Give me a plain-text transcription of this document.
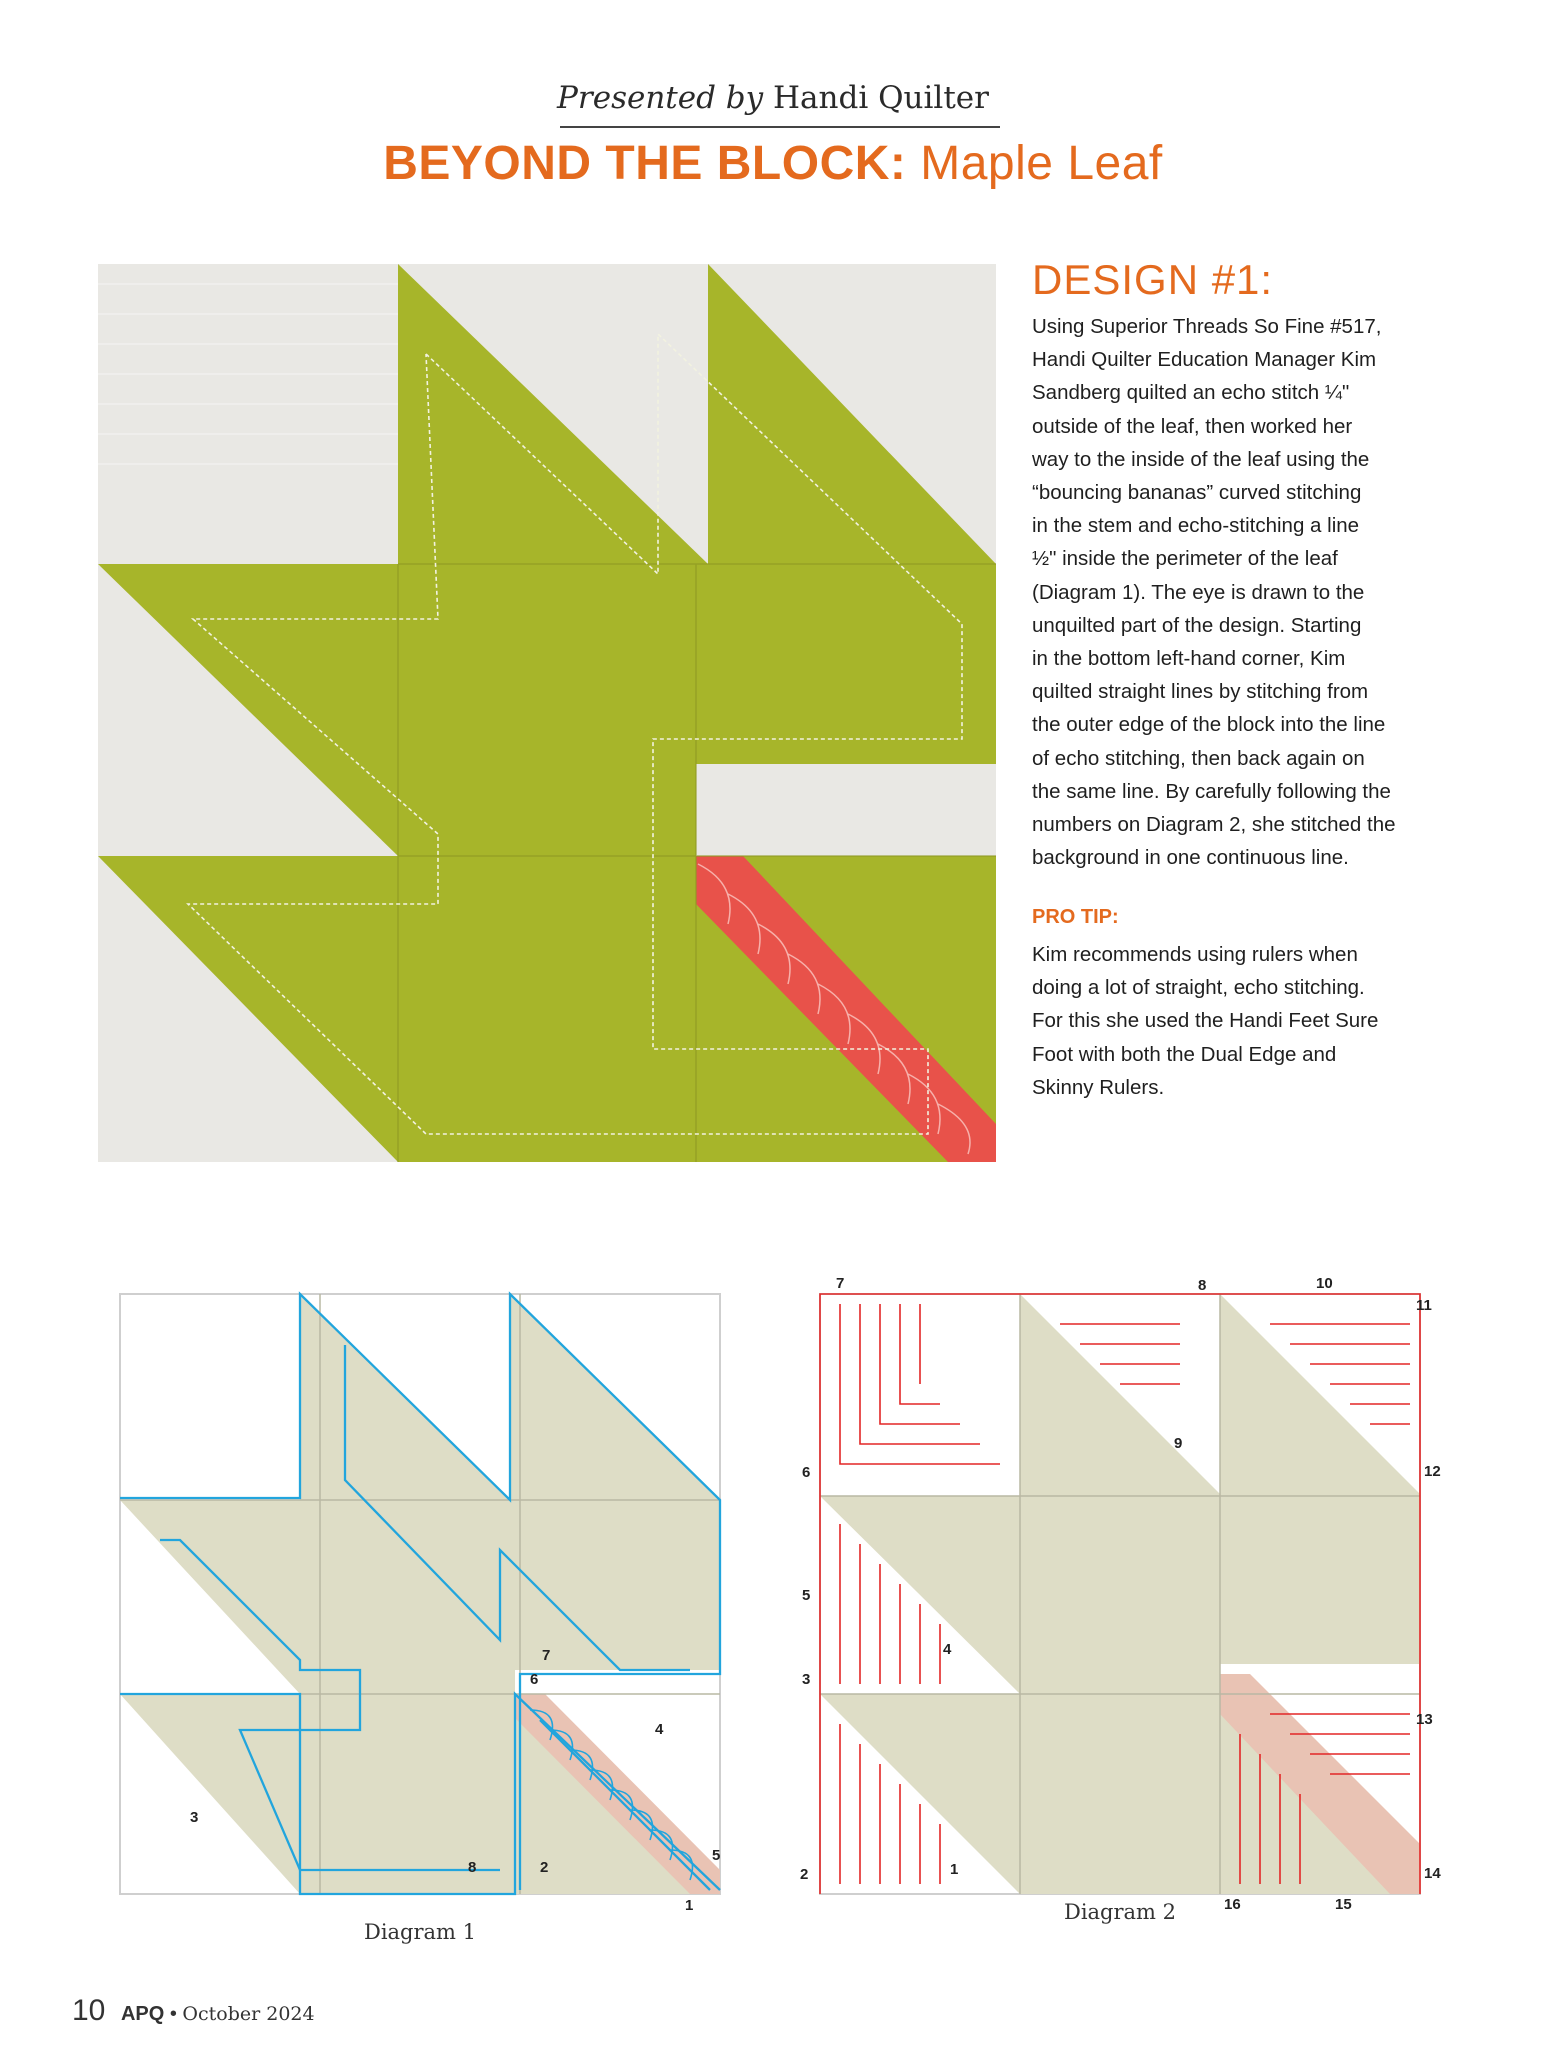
Presented by Handi Quilter
BEYOND THE BLOCK: Maple Leaf
DESIGN #1:
Using Superior Threads So Fine #517,
Handi Quilter Education Manager Kim
Sandberg quilted an echo stitch ¼"
outside of the leaf, then worked her
way to the inside of the leaf using the
“bouncing bananas” curved stitching
in the stem and echo-stitching a line
½" inside the perimeter of the leaf
(Diagram 1). The eye is drawn to the
unquilted part of the design. Starting
in the bottom left-hand corner, Kim
quilted straight lines by stitching from
the outer edge of the block into the line
of echo stitching, then back again on
the same line. By carefully following the
numbers on Diagram 2, she stitched the
background in one continuous line.
PRO TIP:
Kim recommends using rulers when
doing a lot of straight, echo stitching.
For this she used the Handi Feet Sure
Foot with both the Dual Edge and
Skinny Rulers.
1
2
3
4
5
6
7
8
Diagram 1
1
2
3
4
5
6
7	8
9
10
11
12
13
14
15
16
Diagram 2
10 APQ • October 2024
